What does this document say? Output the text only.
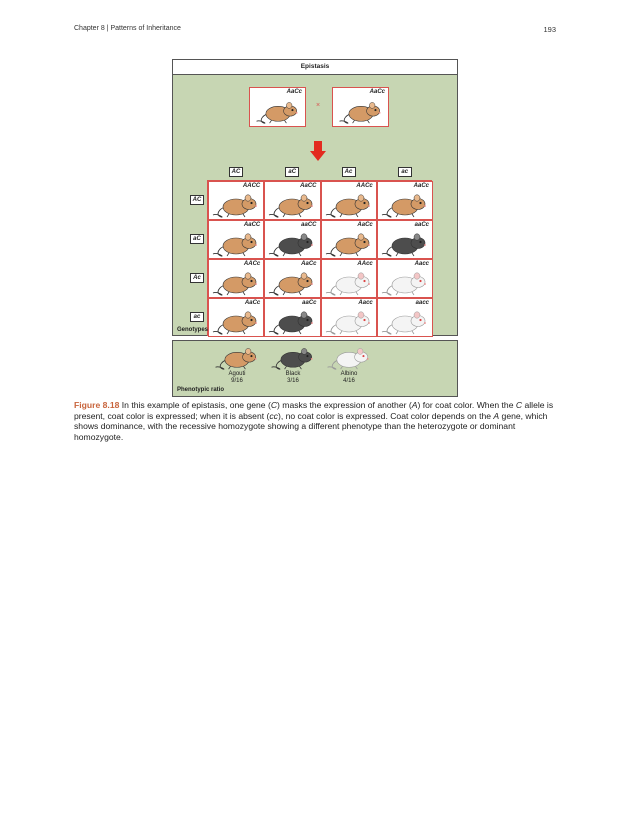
Chapter 8 | Patterns of Inheritance	193
Epistasis
AaCc
×
AaCc
AC	aC	Ac	ac
AC
aC
Ac
ac
AACC	AaCC	AACc	AaCc
AaCC	aaCC	AaCc	aaCc
AACc	AaCc	AAcc	Aacc
AaCc	aaCc	Aacc	aacc
Genotypes
Agouti
9/16
Black
3/16
Albino
4/16
Phenotypic ratio

Figure 8.18 In this example of epistasis, one gene (C) masks the expression of another (A) for coat color. When the C allele is present, coat color is expressed; when it is absent (cc), no coat color is expressed. Coat color depends on the A gene, which shows dominance, with the recessive homozygote showing a different phenotype than the heterozygote or dominant homozygote.
